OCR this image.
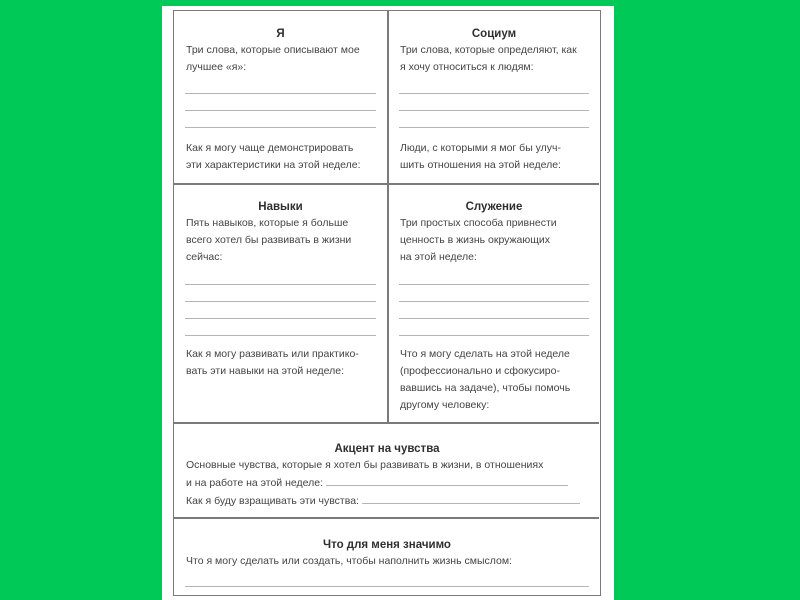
Я

Три слова, которые описывают мое
лучшее «я»:

Как я могу чаще демонстрировать
эти характеристики на этой неделе:

Социум

Три слова, которые определяют, как
я хочу относиться к людям:

Люди, с которыми я мог бы улуч-
шить отношения на этой неделе:

Навыки

Пять навыков, которые я больше
всего хотел бы развивать в жизни
сейчас:

Как я могу развивать или практико-
вать эти навыки на этой неделе:

Служение

Три простых способа привнести
ценность в жизнь окружающих
на этой неделе:

Что я могу сделать на этой неделе
(профессионально и сфокусиро-
вавшись на задаче), чтобы помочь
другому человеку:

Акцент на чувства

Основные чувства, которые я хотел бы развивать в жизни, в отношениях

и на работе на этой неделе:

Как я буду взращивать эти чувства:

Что для меня значимо

Что я могу сделать или создать, чтобы наполнить жизнь смыслом:
